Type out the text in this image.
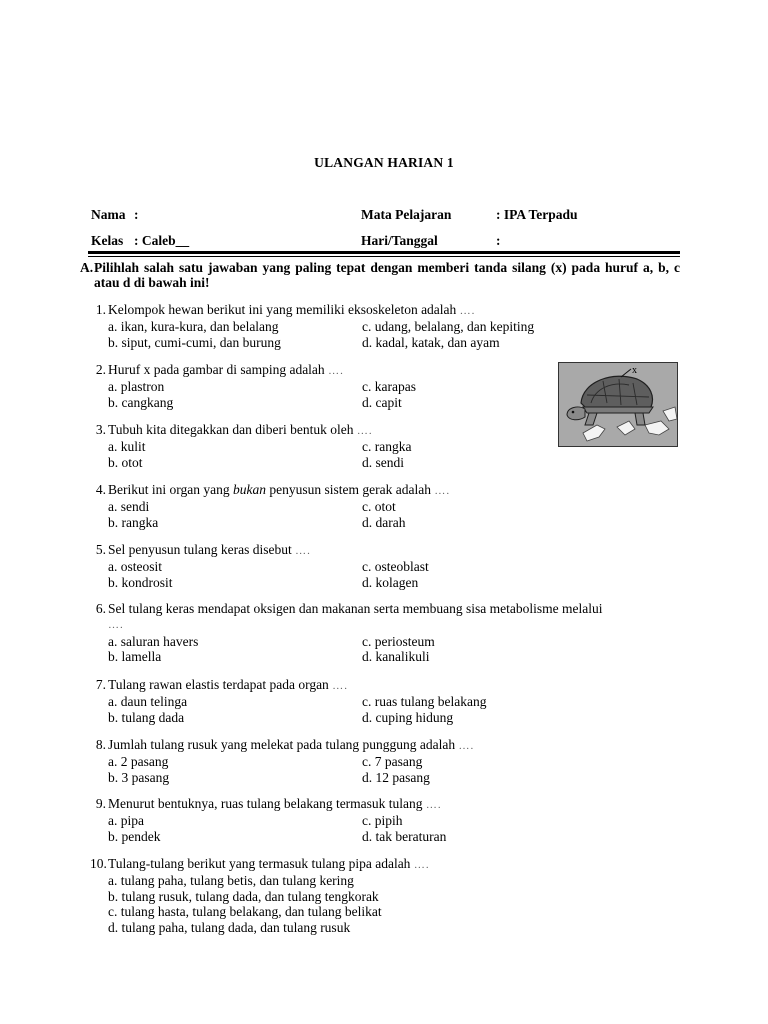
ULANGAN HARIAN 1
Nama :	Mata Pelajaran	: IPA Terpadu
Kelas : Caleb__	Hari/Tanggal	:
A. Pilihlah salah satu jawaban yang paling tepat dengan memberi tanda silang (x) pada huruf a, b, c atau d di bawah ini!
1. Kelompok hewan berikut ini yang memiliki eksoskeleton adalah ….
a. ikan, kura-kura, dan belalang
b. siput, cumi-cumi, dan burung
c. udang, belalang, dan kepiting
d. kadal, katak, dan ayam
2. Huruf x pada gambar di samping adalah ….
a. plastron
b. cangkang
c. karapas
d. capit
3. Tubuh kita ditegakkan dan diberi bentuk oleh ….
a. kulit
b. otot
c. rangka
d. sendi
4. Berikut ini organ yang bukan penyusun sistem gerak adalah ….
a. sendi
b. rangka
c. otot
d. darah
5. Sel penyusun tulang keras disebut ….
a. osteosit
b. kondrosit
c. osteoblast
d. kolagen
6. Sel tulang keras mendapat oksigen dan makanan serta membuang sisa metabolisme melalui
….
a. saluran havers
b. lamella
c. periosteum
d. kanalikuli
7. Tulang rawan elastis terdapat pada organ ….
a. daun telinga
b. tulang dada
c. ruas tulang belakang
d. cuping hidung
8. Jumlah tulang rusuk yang melekat pada tulang punggung adalah ….
a. 2 pasang
b. 3 pasang
c. 7 pasang
d. 12 pasang
9. Menurut bentuknya, ruas tulang belakang termasuk tulang ….
a. pipa
b. pendek
c. pipih
d. tak beraturan
10. Tulang-tulang berikut yang termasuk tulang pipa adalah ….
a. tulang paha, tulang betis, dan tulang kering
b. tulang rusuk, tulang dada, dan tulang tengkorak
c. tulang hasta, tulang belakang, dan tulang belikat
d. tulang paha, tulang dada, dan tulang rusuk
x
